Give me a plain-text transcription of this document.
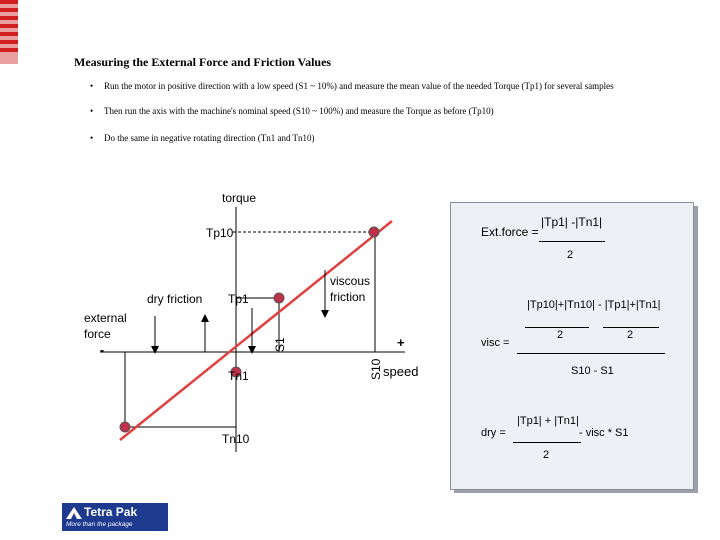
Measuring the External Force and Friction Values
• Run the motor in positive direction with a low speed (S1 ~ 10%) and measure the mean value of the needed Torque (Tp1) for several samples
• Then run the axis with the machine's nominal speed (S10 ~ 100%) and measure the Torque as before (Tp10)
• Do the same in negative rotating direction (Tn1 and Tn10)
torque
Tp10
Tp1
dry friction
viscous
friction
external
force
-	+
speed
Tn1
Tn10
S1
S10
Ext.force =
|Tp1| -|Tn1|
2
|Tp10|+|Tn10| - |Tp1|+|Tn1|
2	2
visc =
S10 - S1
|Tp1| + |Tn1|
dry =	- visc * S1
2
Tetra Pak
More than the package
